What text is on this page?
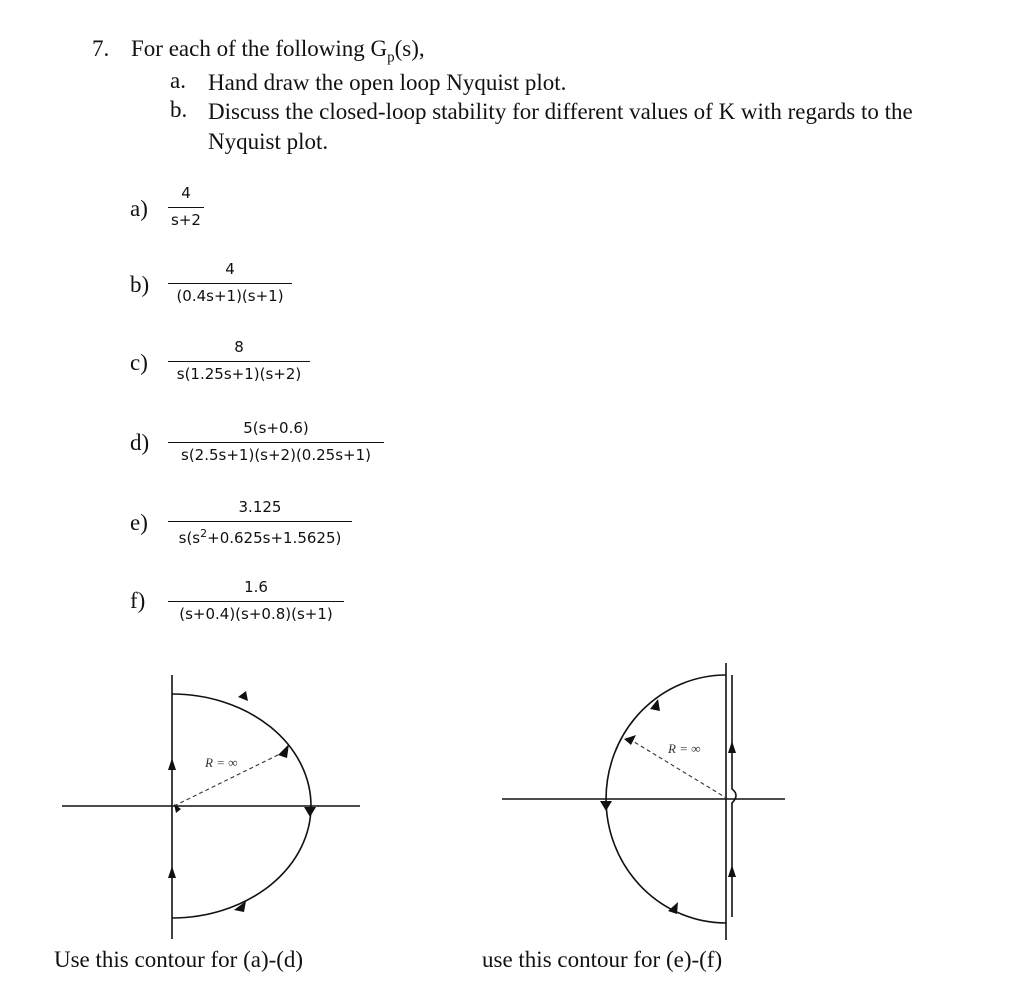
7. For each of the following $G_p(s)$,
a. Hand draw the open loop Nyquist plot.
b. Discuss the closed-loop stability for different values of K with regards to the
Nyquist plot.
a)
4
s+2
b)
4
(0.4s+1)(s+1)
c)
8
s(1.25s+1)(s+2)
d)
5(s+0.6)
s(2.5s+1)(s+2)(0.25s+1)
e)
3.125
$s(s^2+0.625s+1.5625)$
f)
1.6
(s+0.4)(s+0.8)(s+1)
R = ∞
R = ∞
Use this contour for (a)-(d)	use this contour for (e)-(f)
